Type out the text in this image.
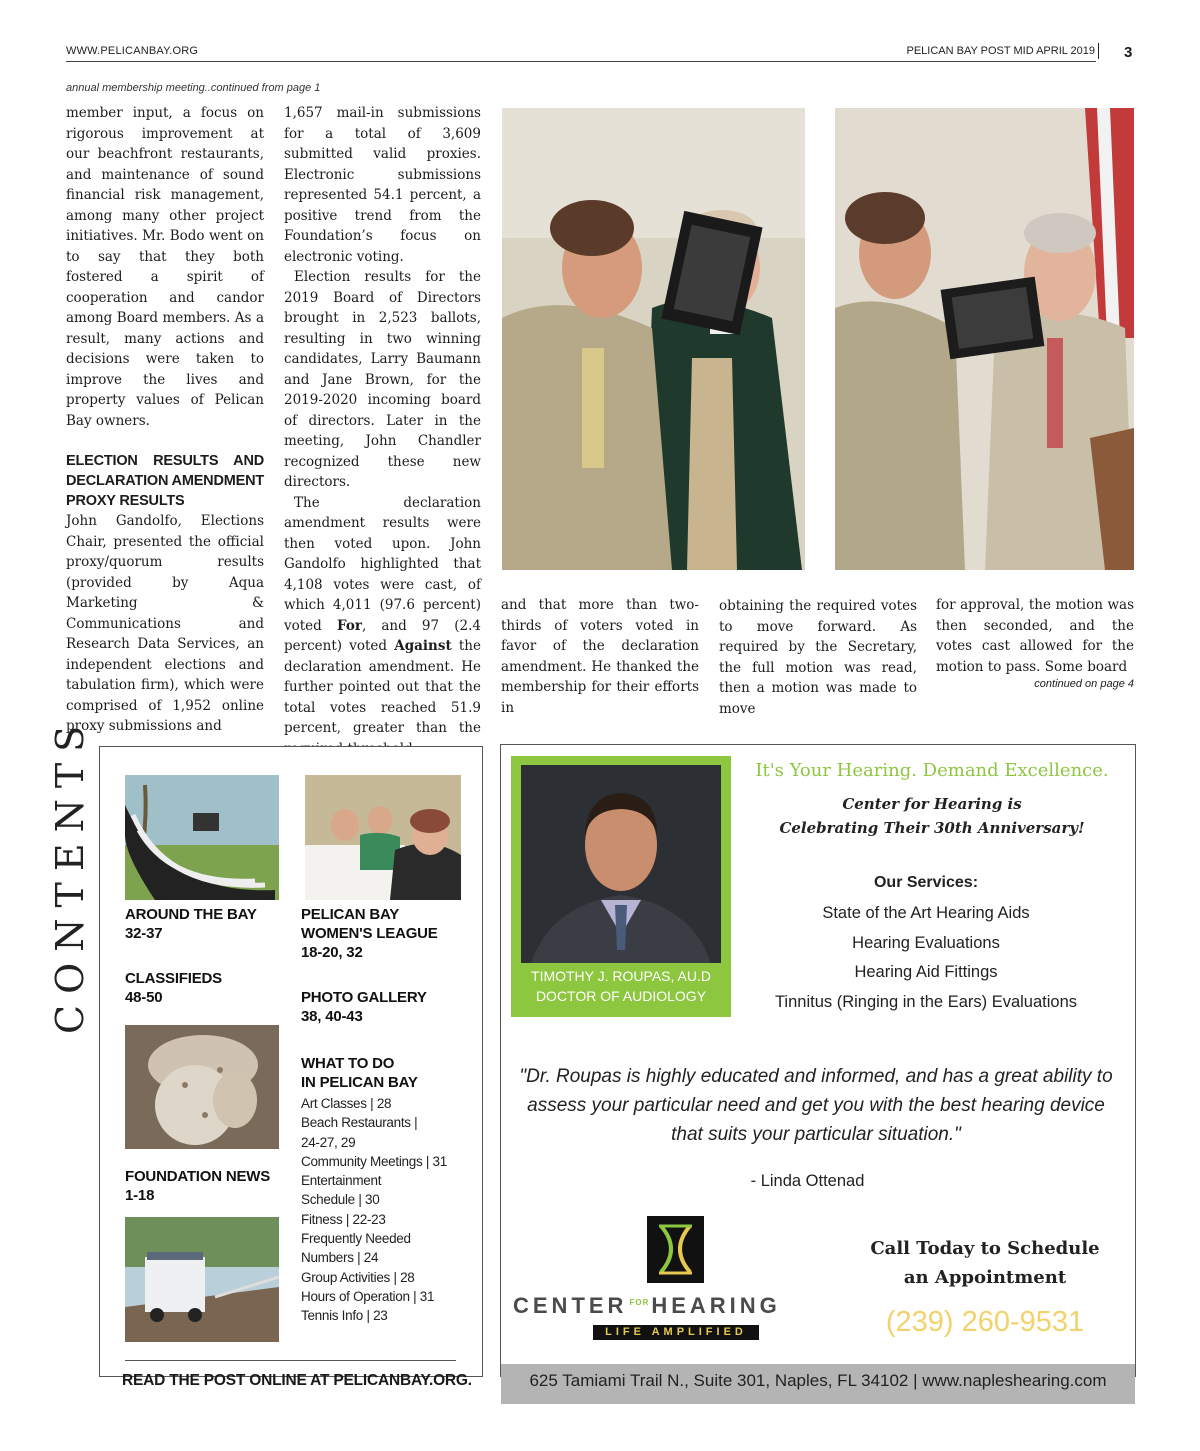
WWW.PELICANBAY.ORG	PELICAN BAY POST MID APRIL 2019 3
annual membership meeting..continued from page 1

member input, a focus on rigorous improvement at our beachfront restaurants, and maintenance of sound financial risk management, among many other project initiatives. Mr. Bodo went on to say that they both fostered a spirit of cooperation and candor among Board members. As a result, many actions and decisions were taken to improve the lives and property values of Pelican Bay owners.

ELECTION RESULTS AND DECLARATION AMENDMENT PROXY RESULTS

John Gandolfo, Elections Chair, presented the official proxy/quorum results (provided by Aqua Marketing & Communications and Research Data Services, an independent elections and tabulation firm), which were comprised of 1,952 online proxy submissions and

1,657 mail-in submissions for a total of 3,609 submitted valid proxies. Electronic submissions represented 54.1 percent, a positive trend from the Foundation’s focus on electronic voting.

Election results for the 2019 Board of Directors brought in 2,523 ballots, resulting in two winning candidates, Larry Baumann and Jane Brown, for the 2019-2020 incoming board of directors. Later in the meeting, John Chandler recognized these new directors.

The declaration amendment results were then voted upon. John Gandolfo highlighted that 4,108 votes were cast, of which 4,011 (97.6 percent) voted For, and 97 (2.4 percent) voted Against the declaration amendment. He further pointed out that the total votes reached 51.9 percent, greater than the

and that more than two-thirds of voters voted in favor of the declaration amendment. He thanked the membership for their efforts in

obtaining the required votes to move forward. As required by the Secretary, the full motion was read, then a motion was made to move

for approval, the motion was then seconded, and the votes cast allowed for the motion to pass. Some board

continued on page 4
CONTENTS AROUND THE BAY
32-37
PELICAN BAY
WOMEN'S LEAGUE
18-20, 32
CLASSIFIEDS
48-50	PHOTO GALLERY
38, 40-43
WHAT TO DO
IN PELICAN BAY
Art Classes | 28
Beach Restaurants |
24-27, 29
Community Meetings | 31
Entertainment
Schedule | 30
Fitness | 22-23
Frequently Needed
Numbers | 24
Group Activities | 28
Hours of Operation | 31
Tennis Info | 23
FOUNDATION NEWS
1-18
READ THE POST ONLINE AT PELICANBAY.ORG.
TIMOTHY J. ROUPAS, AU.D
DOCTOR OF AUDIOLOGY
It's Your Hearing. Demand Excellence.
Center for Hearing is
Celebrating Their 30th Anniversary!
Our Services:
State of the Art Hearing Aids
Hearing Evaluations
Hearing Aid Fittings
Tinnitus (Ringing in the Ears) Evaluations
"Dr. Roupas is highly educated and informed, and has a great ability to assess your particular need and get you with the best hearing device that suits your particular situation."
- Linda Ottenad
CENTER $^{FOR}$HEARING
LIFE AMPLIFIED
Call Today to Schedule
an Appointment
(239) 260-9531
625 Tamiami Trail N., Suite 301, Naples, FL 34102 | www.napleshearing.com
